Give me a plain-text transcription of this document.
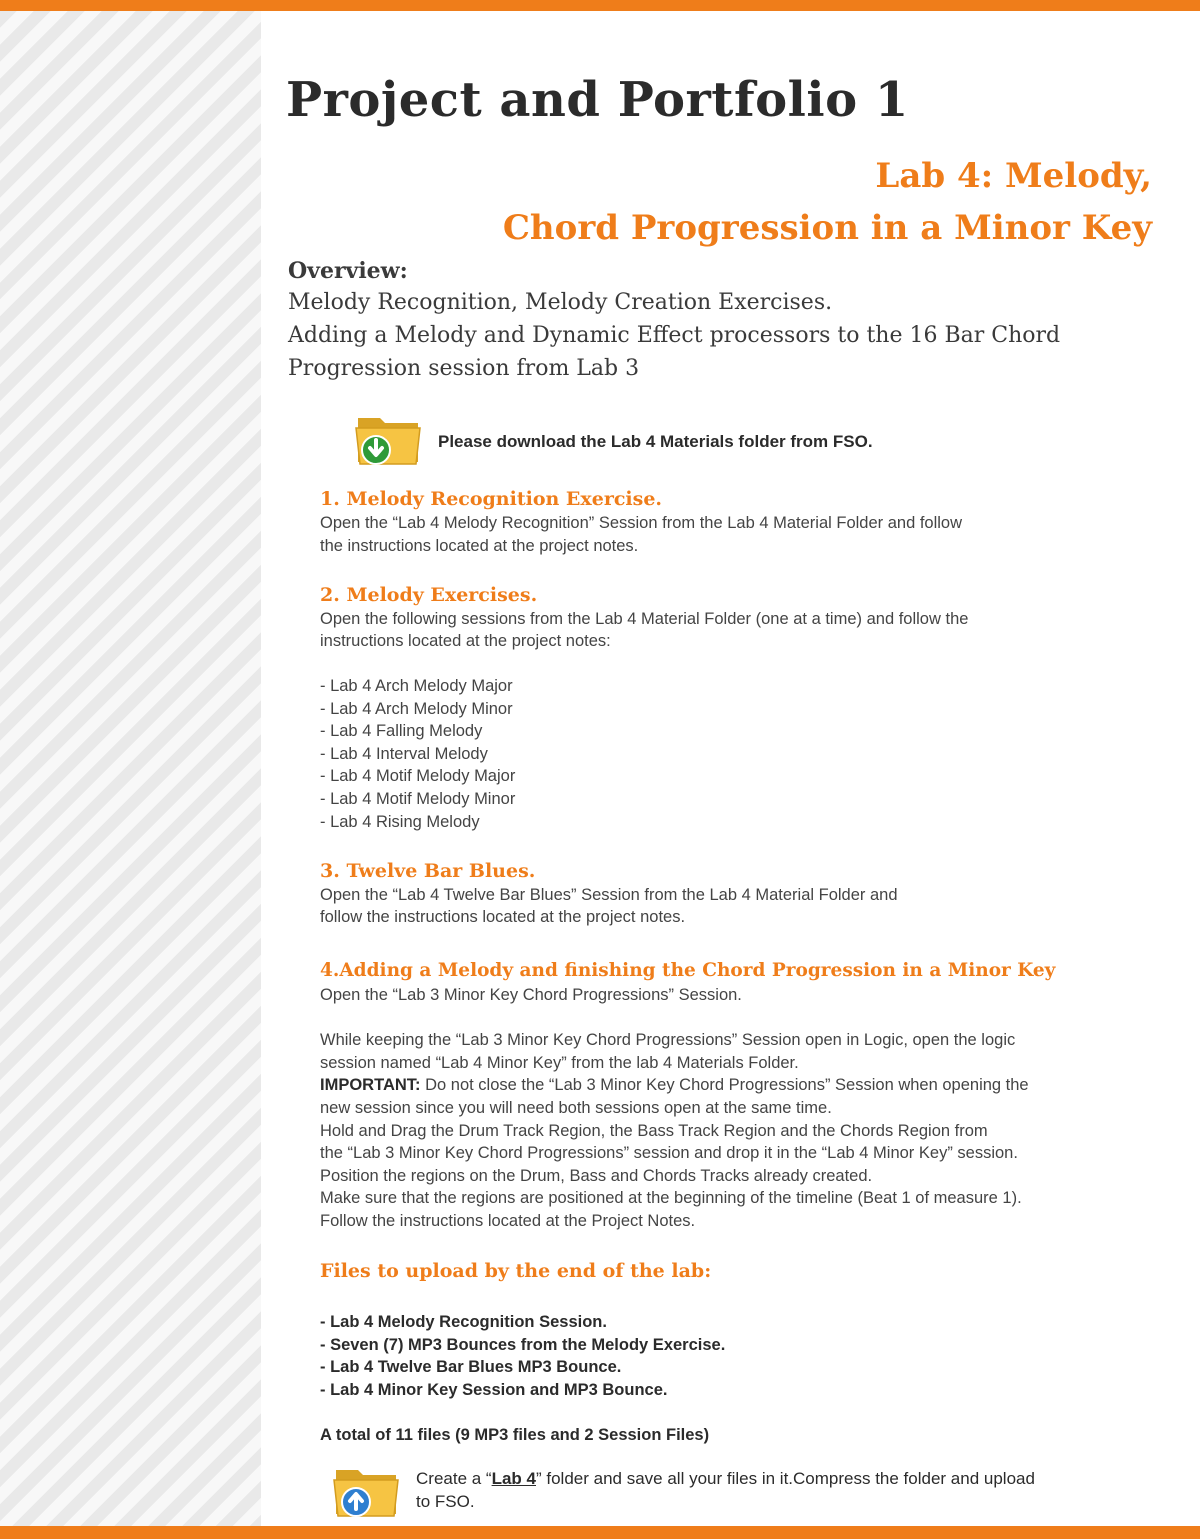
Project and Portfolio 1
Lab 4: Melody,
Chord Progression in a Minor Key
Overview:
Melody Recognition, Melody Creation Exercises.
Adding a Melody and Dynamic Effect processors to the 16 Bar Chord
Progression session from Lab 3
Please download the Lab 4 Materials folder from FSO.
1. Melody Recognition Exercise.
Open the “Lab 4 Melody Recognition” Session from the Lab 4 Material Folder and follow
the instructions located at the project notes.
2. Melody Exercises.
Open the following sessions from the Lab 4 Material Folder (one at a time) and follow the
instructions located at the project notes:
- Lab 4 Arch Melody Major
- Lab 4 Arch Melody Minor
- Lab 4 Falling Melody
- Lab 4 Interval Melody
- Lab 4 Motif Melody Major
- Lab 4 Motif Melody Minor
- Lab 4 Rising Melody
3. Twelve Bar Blues.
Open the “Lab 4 Twelve Bar Blues” Session from the Lab 4 Material Folder and
follow the instructions located at the project notes.
4.Adding a Melody and finishing the Chord Progression in a Minor Key
Open the “Lab 3 Minor Key Chord Progressions” Session.
While keeping the “Lab 3 Minor Key Chord Progressions” Session open in Logic, open the logic
session named “Lab 4 Minor Key” from the lab 4 Materials Folder.
IMPORTANT: Do not close the “Lab 3 Minor Key Chord Progressions” Session when opening the
new session since you will need both sessions open at the same time.
Hold and Drag the Drum Track Region, the Bass Track Region and the Chords Region from
the “Lab 3 Minor Key Chord Progressions” session and drop it in the “Lab 4 Minor Key” session.
Position the regions on the Drum, Bass and Chords Tracks already created.
Make sure that the regions are positioned at the beginning of the timeline (Beat 1 of measure 1).
Follow the instructions located at the Project Notes.
Files to upload by the end of the lab:
- Lab 4 Melody Recognition Session.
- Seven (7) MP3 Bounces from the Melody Exercise.
- Lab 4 Twelve Bar Blues MP3 Bounce.
- Lab 4 Minor Key Session and MP3 Bounce.
A total of 11 files (9 MP3 files and 2 Session Files)
Create a “Lab 4” folder and save all your files in it.Compress the folder and upload
to FSO.
